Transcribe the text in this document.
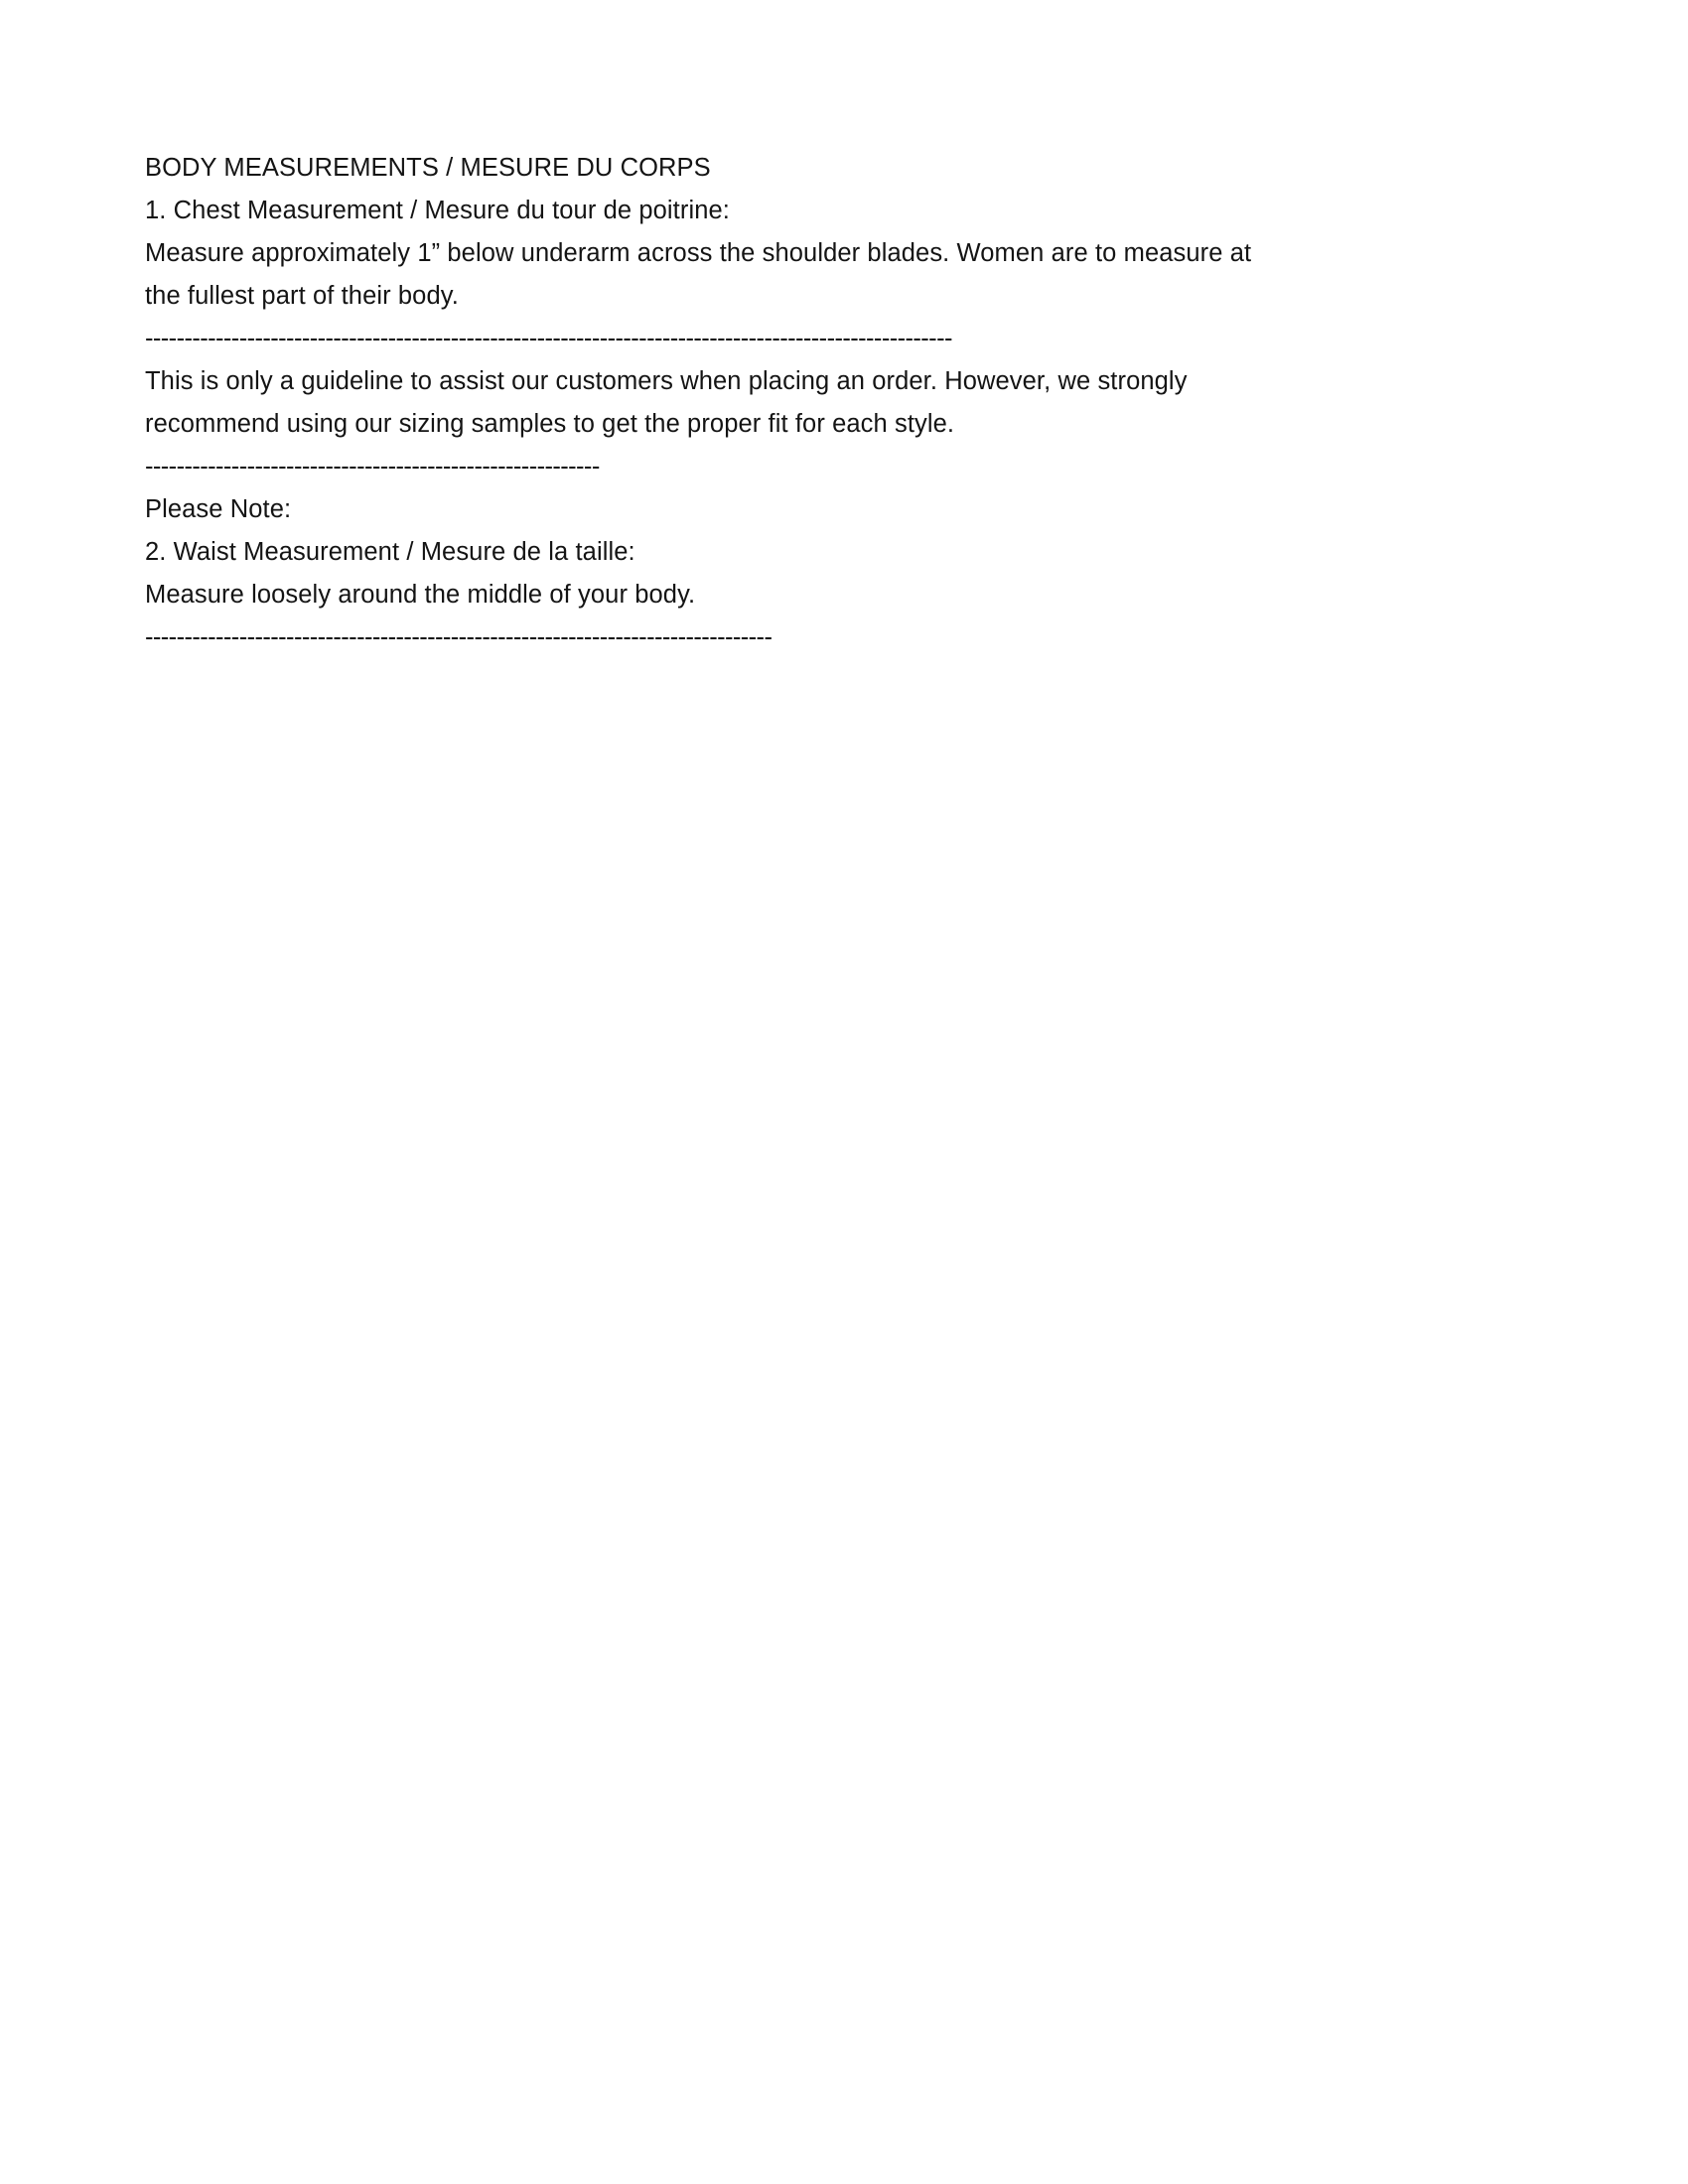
BODY MEASUREMENTS / MESURE DU CORPS
1. Chest Measurement / Mesure du tour de poitrine:
Measure approximately 1” below underarm across the shoulder blades. Women are to measure at the fullest part of their body.
-------------------------------------------------------------------------------------------------------
This is only a guideline to assist our customers when placing an order. However, we strongly recommend using our sizing samples to get the proper fit for each style.
----------------------------------------------------------
Please Note:
2. Waist Measurement / Mesure de la taille:
Measure loosely around the middle of your body.
--------------------------------------------------------------------------------
